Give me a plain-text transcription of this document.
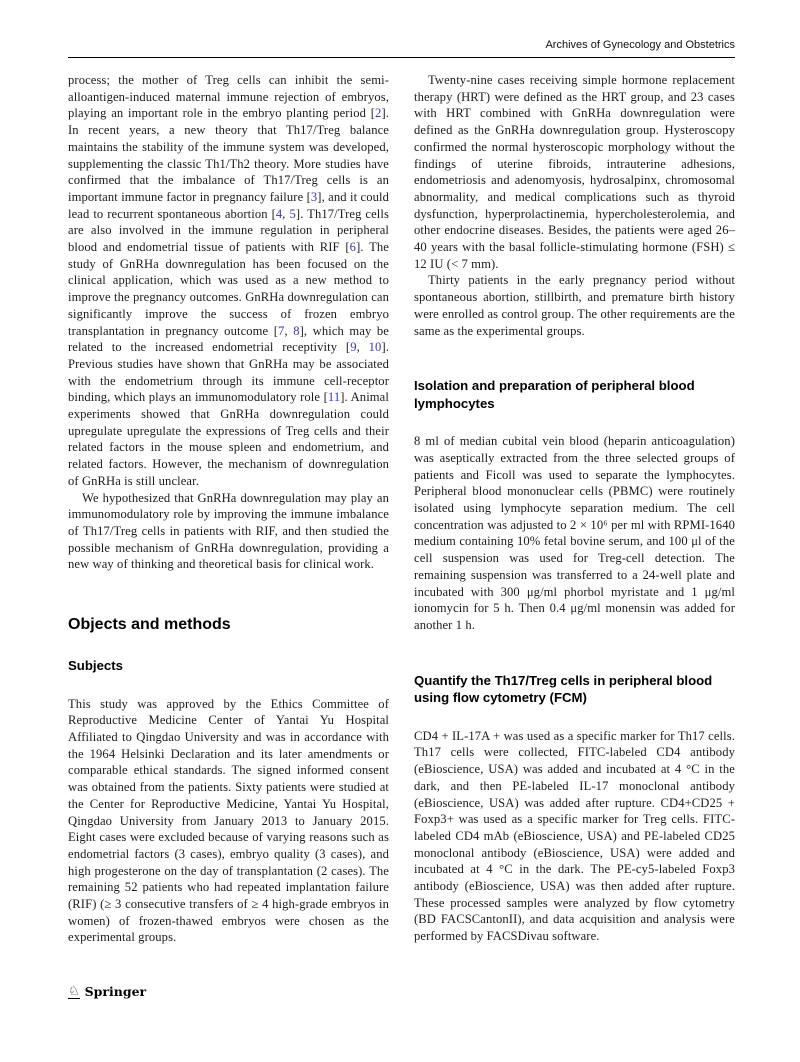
Archives of Gynecology and Obstetrics

process; the mother of Treg cells can inhibit the semi-alloantigen-induced maternal immune rejection of embryos, playing an important role in the embryo planting period [2]. In recent years, a new theory that Th17/Treg balance maintains the stability of the immune system was developed, supplementing the classic Th1/Th2 theory. More studies have confirmed that the imbalance of Th17/Treg cells is an important immune factor in pregnancy failure [3], and it could lead to recurrent spontaneous abortion [4, 5]. Th17/Treg cells are also involved in the immune regulation in peripheral blood and endometrial tissue of patients with RIF [6]. The study of GnRHa downregulation has been focused on the clinical application, which was used as a new method to improve the pregnancy outcomes. GnRHa downregulation can significantly improve the success of frozen embryo transplantation in pregnancy outcome [7, 8], which may be related to the increased endometrial receptivity [9, 10]. Previous studies have shown that GnRHa may be associated with the endometrium through its immune cell-receptor binding, which plays an immunomodulatory role [11]. Animal experiments showed that GnRHa downregulation could upregulate upregulate the expressions of Treg cells and their related factors in the mouse spleen and endometrium, and related factors. However, the mechanism of downregulation of GnRHa is still unclear.

We hypothesized that GnRHa downregulation may play an immunomodulatory role by improving the immune imbalance of Th17/Treg cells in patients with RIF, and then studied the possible mechanism of GnRHa downregulation, providing a new way of thinking and theoretical basis for clinical work.

Objects and methods
Subjects

This study was approved by the Ethics Committee of Reproductive Medicine Center of Yantai Yu Hospital Affiliated to Qingdao University and was in accordance with the 1964 Helsinki Declaration and its later amendments or comparable ethical standards. The signed informed consent was obtained from the patients. Sixty patients were studied at the Center for Reproductive Medicine, Yantai Yu Hospital, Qingdao University from January 2013 to January 2015. Eight cases were excluded because of varying reasons such as endometrial factors (3 cases), embryo quality (3 cases), and high progesterone on the day of transplantation (2 cases). The remaining 52 patients who had repeated implantation failure (RIF) (≥ 3 consecutive transfers of ≥ 4 high-grade embryos in women) of frozen-thawed embryos were chosen as the experimental groups.

Twenty-nine cases receiving simple hormone replacement therapy (HRT) were defined as the HRT group, and 23 cases with HRT combined with GnRHa downregulation were defined as the GnRHa downregulation group. Hysteroscopy confirmed the normal hysteroscopic morphology without the findings of uterine fibroids, intrauterine adhesions, endometriosis and adenomyosis, hydrosalpinx, chromosomal abnormality, and medical complications such as thyroid dysfunction, hyperprolactinemia, hypercholesterolemia, and other endocrine diseases. Besides, the patients were aged 26–40 years with the basal follicle-stimulating hormone (FSH) ≤ 12 IU (< 7 mm).

Thirty patients in the early pregnancy period without spontaneous abortion, stillbirth, and premature birth history were enrolled as control group. The other requirements are the same as the experimental groups.

Isolation and preparation of peripheral blood lymphocytes

8 ml of median cubital vein blood (heparin anticoagulation) was aseptically extracted from the three selected groups of patients and Ficoll was used to separate the lymphocytes. Peripheral blood mononuclear cells (PBMC) were routinely isolated using lymphocyte separation medium. The cell concentration was adjusted to 2 × 10⁶ per ml with RPMI-1640 medium containing 10% fetal bovine serum, and 100 μl of the cell suspension was used for Treg-cell detection. The remaining suspension was transferred to a 24-well plate and incubated with 300 μg/ml phorbol myristate and 1 μg/ml ionomycin for 5 h. Then 0.4 μg/ml monensin was added for another 1 h.

Quantify the Th17/Treg cells in peripheral blood using flow cytometry (FCM)

CD4 + IL-17A + was used as a specific marker for Th17 cells. Th17 cells were collected, FITC-labeled CD4 antibody (eBioscience, USA) was added and incubated at 4 °C in the dark, and then PE-labeled IL-17 monoclonal antibody (eBioscience, USA) was added after rupture. CD4+CD25 + Foxp3+ was used as a specific marker for Treg cells. FITC-labeled CD4 mAb (eBioscience, USA) and PE-labeled CD25 monoclonal antibody (eBioscience, USA) were added and incubated at 4 °C in the dark. The PE-cy5-labeled Foxp3 antibody (eBioscience, USA) was then added after rupture. These processed samples were analyzed by flow cytometry (BD FACSCantonII), and data acquisition and analysis were performed by FACSDivau software.

♘ Springer
